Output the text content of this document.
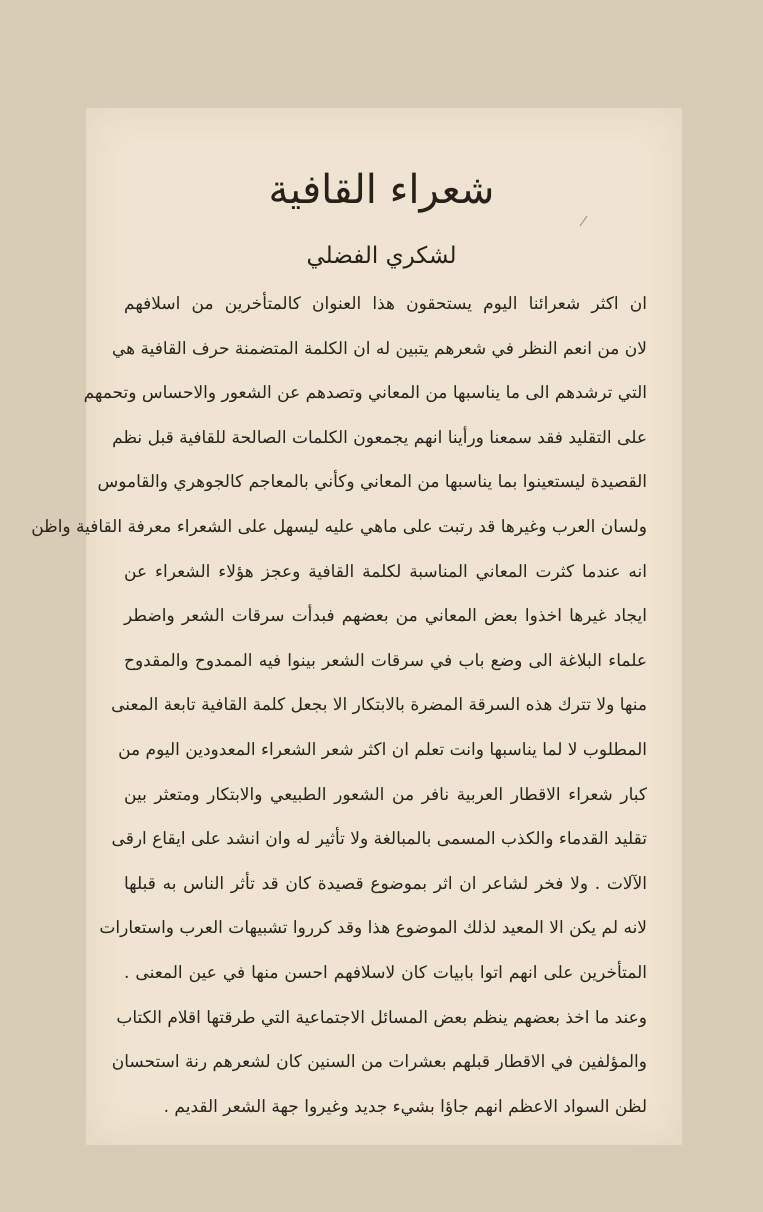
شعراء القافية
لشكري الفضلي
ان اكثر شعرائنا اليوم يستحقون هذا العنوان كالمتأخرين من اسلافهم
لان من انعم النظر في شعرهم يتبين له ان الكلمة المتضمنة حرف القافية هي
التي ترشدهم الى ما يناسبها من المعاني وتصدهم عن الشعور والاحساس وتحمهم
على التقليد فقد سمعنا ورأينا انهم يجمعون الكلمات الصالحة للقافية قبل نظم
القصيدة ليستعينوا بما يناسبها من المعاني وكأني بالمعاجم كالجوهري والقاموس
ولسان العرب وغيرها قد رتبت على ماهي عليه ليسهل على الشعراء معرفة القافية واظن
انه عندما كثرت المعاني المناسبة لكلمة القافية وعجز هؤلاء الشعراء عن
ايجاد غيرها اخذوا بعض المعاني من بعضهم فبدأت سرقات الشعر واضطر
علماء البلاغة الى وضع باب في سرقات الشعر بينوا فيه الممدوح والمقدوح
منها ولا تترك هذه السرقة المضرة بالابتكار الا بجعل كلمة القافية تابعة المعنى
المطلوب لا لما يناسبها وانت تعلم ان اكثر شعر الشعراء المعدودين اليوم من
كبار شعراء الاقطار العربية نافر من الشعور الطبيعي والابتكار ومتعثر بين
تقليد القدماء والكذب المسمى بالمبالغة ولا تأثير له وان انشد على ايقاع ارقى
الآلات . ولا فخر لشاعر ان اثر بموضوع قصيدة كان قد تأثر الناس به قبلها
لانه لم يكن الا المعيد لذلك الموضوع هذا وقد كرروا تشبيهات العرب واستعارات
المتأخرين على انهم اتوا بابيات كان لاسلافهم احسن منها في عين المعنى .
وعند ما اخذ بعضهم ينظم بعض المسائل الاجتماعية التي طرقتها اقلام الكتاب
والمؤلفين في الاقطار قبلهم بعشرات من السنين كان لشعرهم رنة استحسان
لظن السواد الاعظم انهم جاؤا بشيء جديد وغيروا جهة الشعر القديم .
